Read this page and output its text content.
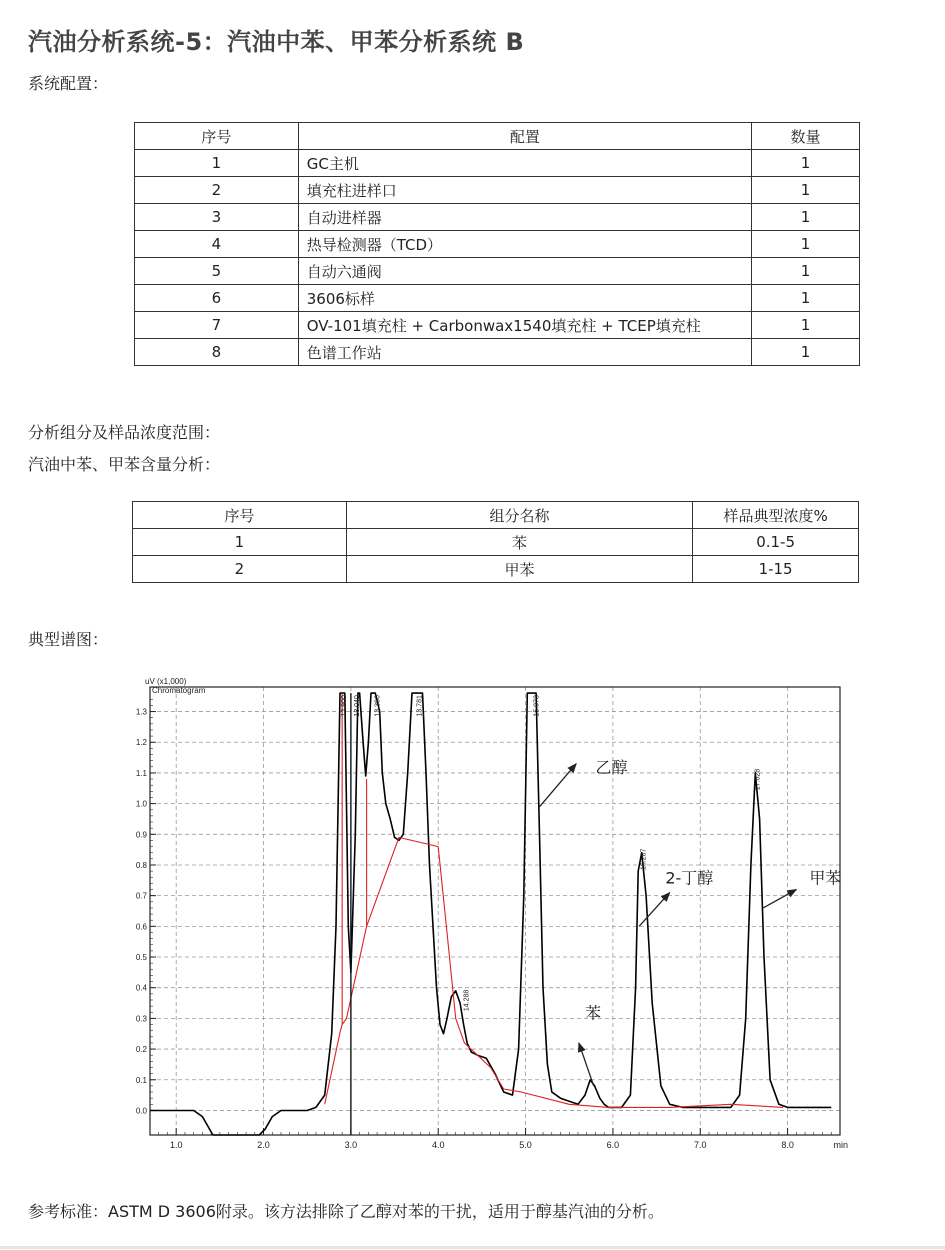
汽油分析系统-5：汽油中苯、甲苯分析系统 B
系统配置：
序号	配置	数量
1	GC主机	1
2	填充柱进样口	1
3	自动进样器	1
4	热导检测器（TCD）	1
5	自动六通阀	1
6	3606标样	1
7	OV-101填充柱 + Carbonwax1540填充柱 + TCEP填充柱	1
8	色谱工作站	1
分析组分及样品浓度范围：
汽油中苯、甲苯含量分析：
序号	组分名称	样品典型浓度%
1	苯	0.1-5
2	甲苯	1-15
典型谱图：
0.0
0.1
0.2
0.3
0.4
0.5
0.6
0.7
0.8
0.9
1.0
1.1
1.2
1.3
1.0	2.0	3.0	4.0	5.0	6.0	7.0	8.0	min
uV (x1,000)
Chromatogram
12.900 13.040 13.300	13.781
14.288
15.073
16.287
17.628
乙醇
2-丁醇	甲苯
苯
参考标准：ASTM D 3606附录。该方法排除了乙醇对苯的干扰，适用于醇基汽油的分析。
